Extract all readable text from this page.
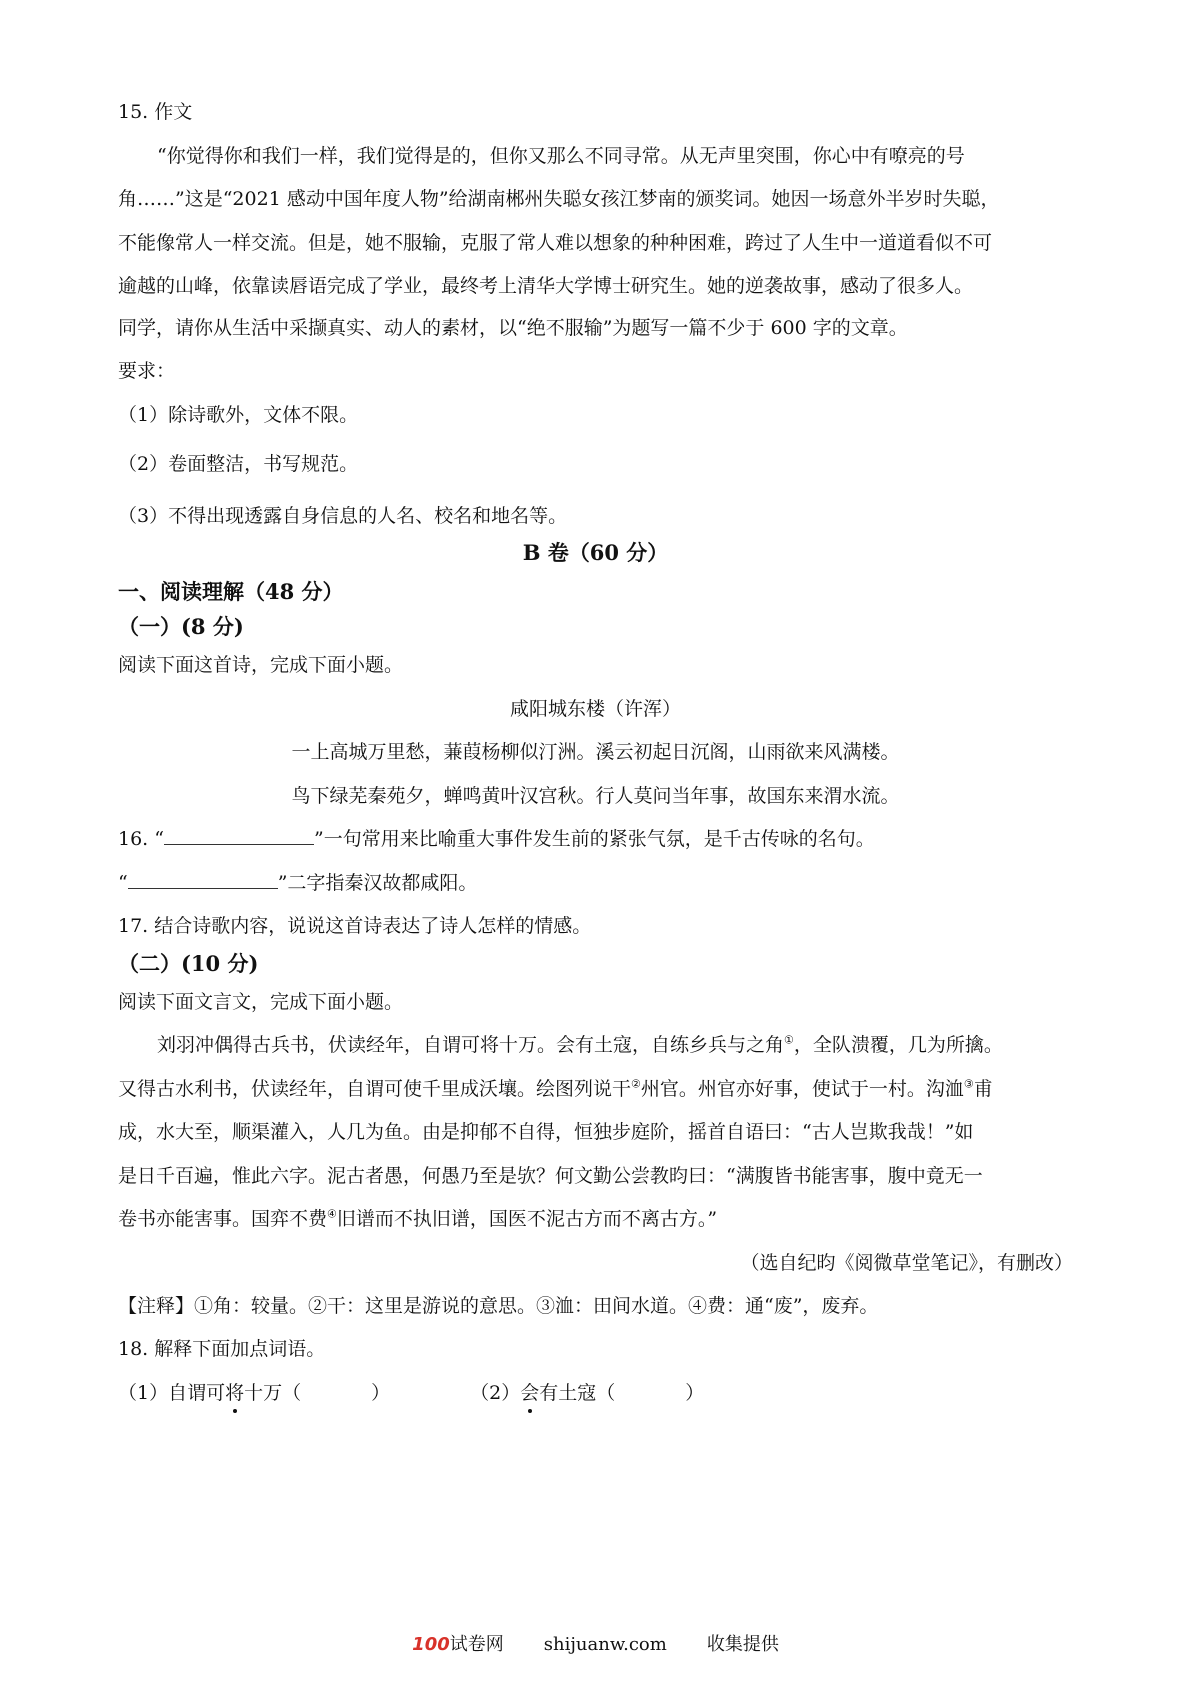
15. 作文
“你觉得你和我们一样，我们觉得是的，但你又那么不同寻常。从无声里突围，你心中有嘹亮的号
角……”这是“2021 感动中国年度人物”给湖南郴州失聪女孩江梦南的颁奖词。她因一场意外半岁时失聪，
不能像常人一样交流。但是，她不服输，克服了常人难以想象的种种困难，跨过了人生中一道道看似不可
逾越的山峰，依靠读唇语完成了学业，最终考上清华大学博士研究生。她的逆袭故事，感动了很多人。
同学，请你从生活中采撷真实、动人的素材，以“绝不服输”为题写一篇不少于 600 字的文章。
要求：
（1）除诗歌外，文体不限。
（2）卷面整洁，书写规范。
（3）不得出现透露自身信息的人名、校名和地名等。
B 卷（60 分）
一、阅读理解（48 分）
（一）(8 分)
阅读下面这首诗，完成下面小题。
咸阳城东楼（许浑）
一上高城万里愁，蒹葭杨柳似汀洲。溪云初起日沉阁，山雨欲来风满楼。
鸟下绿芜秦苑夕，蝉鸣黄叶汉宫秋。行人莫问当年事，故国东来渭水流。
16. “	”一句常用来比喻重大事件发生前的紧张气氛，是千古传咏的名句。
“	”二字指秦汉故都咸阳。
17. 结合诗歌内容，说说这首诗表达了诗人怎样的情感。
（二）(10 分)
阅读下面文言文，完成下面小题。
刘羽冲偶得古兵书，伏读经年，自谓可将十万。会有土寇，自练乡兵与之角①，全队溃覆，几为所擒。
又得古水利书，伏读经年，自谓可使千里成沃壤。绘图列说干②州官。州官亦好事，使试于一村。沟洫③甫
成，水大至，顺渠灌入，人几为鱼。由是抑郁不自得，恒独步庭阶，摇首自语曰：“古人岂欺我哉！”如
是日千百遍，惟此六字。泥古者愚，何愚乃至是欤？何文勤公尝教昀曰：“满腹皆书能害事，腹中竟无一
卷书亦能害事。国弈不费④旧谱而不执旧谱，国医不泥古方而不离古方。”
（选自纪昀《阅微草堂笔记》，有删改）
【注释】①角：较量。②干：这里是游说的意思。③洫：田间水道。④费：通“废”，废弃。
18. 解释下面加点词语。
（1）自谓可将十万（	）	（2）会有土寇（	）
100试卷网 shijuanw.com 收集提供
